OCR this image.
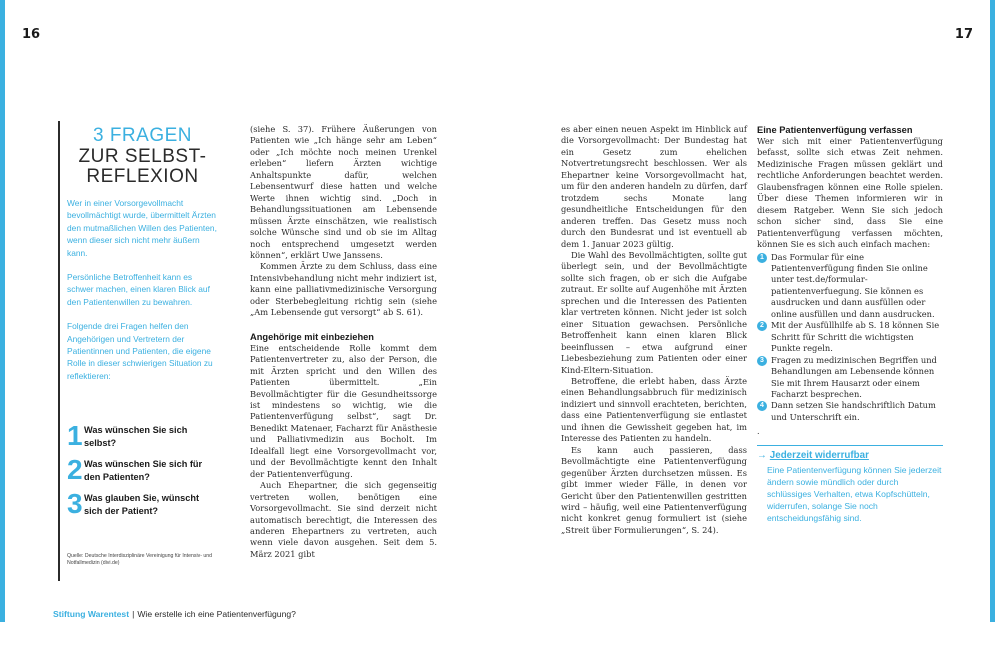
16	17
3 FRAGEN
ZUR SELBST-
REFLEXION

Wer in einer Vorsorgevollmacht bevollmächtigt wurde, übermittelt Ärzten den mutmaßlichen Willen des Patienten, wenn dieser sich nicht mehr äußern kann.

Persönliche Betroffenheit kann es schwer machen, einen klaren Blick auf den Patientenwillen zu bewahren.

Folgende drei Fragen helfen den Angehörigen und Vertretern der Patientinnen und Patienten, die eigene Rolle in dieser schwierigen Situation zu reflektieren:

1 Was wünschen Sie sich selbst?
2 Was wünschen Sie sich für den Patienten?
3 Was glauben Sie, wünscht sich der Patient?
Quelle: Deutsche Interdisziplinäre Vereinigung für Intensiv- und Notfallmedizin (divi.de)

(siehe S. 37). Frühere Äußerungen von Patienten wie „Ich hänge sehr am Leben“ oder „Ich möchte noch meinen Urenkel erleben“ liefern Ärzten wichtige Anhaltspunkte dafür, welchen Lebensentwurf diese hatten und welche Werte ihnen wichtig sind. „Doch in Behandlungssituationen am Lebensende müssen Ärzte einschätzen, wie realistisch solche Wünsche sind und ob sie im Alltag noch entsprechend umgesetzt werden können“, erklärt Uwe Janssens.

Kommen Ärzte zu dem Schluss, dass eine Intensivbehandlung nicht mehr indiziert ist, kann eine palliativmedizinische Versorgung oder Sterbebegleitung richtig sein (siehe „Am Lebensende gut versorgt“ ab S. 61).

Angehörige mit einbeziehen

Eine entscheidende Rolle kommt dem Patientenvertreter zu, also der Person, die mit Ärzten spricht und den Willen des Patienten übermittelt. „Ein Bevollmächtigter für die Gesundheitssorge ist mindestens so wichtig, wie die Patientenverfügung selbst“, sagt Dr. Benedikt Matenaer, Facharzt für Anästhesie und Palliativmedizin aus Bocholt. Im Idealfall liegt eine Vorsorgevollmacht vor, und der Bevollmächtigte kennt den Inhalt der Patientenverfügung.

Auch Ehepartner, die sich gegenseitig vertreten wollen, benötigen eine Vorsorgevollmacht. Sie sind derzeit nicht automatisch berechtigt, die Interessen des anderen Ehepartners zu vertreten, auch wenn viele davon ausgehen. Seit dem 5. März 2021 gibt

es aber einen neuen Aspekt im Hinblick auf die Vorsorgevollmacht: Der Bundestag hat ein Gesetz zum ehelichen Notvertretungsrecht beschlossen. Wer als Ehepartner keine Vorsorgevollmacht hat, um für den anderen handeln zu dürfen, darf trotzdem sechs Monate lang gesundheitliche Entscheidungen für den anderen treffen. Das Gesetz muss noch durch den Bundesrat und ist eventuell ab dem 1. Januar 2023 gültig.

Die Wahl des Bevollmächtigten, sollte gut überlegt sein, und der Bevollmächtigte sollte sich fragen, ob er sich die Aufgabe zutraut. Er sollte auf Augenhöhe mit Ärzten sprechen und die Interessen des Patienten klar vertreten können. Nicht jeder ist solch einer Situation gewachsen. Persönliche Betroffenheit kann einen klaren Blick beeinflussen – etwa aufgrund einer Liebesbeziehung zum Patienten oder einer Kind-Eltern-Situation.

Betroffene, die erlebt haben, dass Ärzte einen Behandlungsabbruch für medizinisch indiziert und sinnvoll erachteten, berichten, dass eine Patientenverfügung sie entlastet und ihnen die Gewissheit gegeben hat, im Interesse des Patienten zu handeln.

Es kann auch passieren, dass Bevollmächtigte eine Patientenverfügung gegenüber Ärzten durchsetzen müssen. Es gibt immer wieder Fälle, in denen vor Gericht über den Patientenwillen gestritten wird – häufig, weil eine Patientenverfügung nicht konkret genug formuliert ist (siehe „Streit über Formulierungen“, S. 24).

Eine Patientenverfügung verfassen

Wer sich mit einer Patientenverfügung befasst, sollte sich etwas Zeit nehmen. Medizinische Fragen müssen geklärt und rechtliche Anforderungen beachtet werden. Glaubensfragen können eine Rolle spielen. Über diese Themen informieren wir in diesem Ratgeber. Wenn Sie sich jedoch schon sicher sind, dass Sie eine Patientenverfügung verfassen möchten, können Sie es sich auch einfach machen:

1 Das Formular für eine Patientenverfügung finden Sie online unter test.de/formular-patientenverfuegung. Sie können es ausdrucken und dann ausfüllen oder online ausfüllen und dann ausdrucken.
2 Mit der Ausfüllhilfe ab S. 18 können Sie Schritt für Schritt die wichtigsten Punkte regeln.
3 Fragen zu medizinischen Begriffen und Behandlungen am Lebensende können Sie mit Ihrem Hausarzt oder einem Facharzt besprechen.
4 Dann setzen Sie handschriftlich Datum und Unterschrift ein.
.
→ Jederzeit widerrufbar

Eine Patientenverfügung können Sie jederzeit ändern sowie mündlich oder durch schlüssiges Verhalten, etwa Kopfschütteln, widerrufen, solange Sie noch entscheidungsfähig sind.

Stiftung Warentest | Wie erstelle ich eine Patientenverfügung?
